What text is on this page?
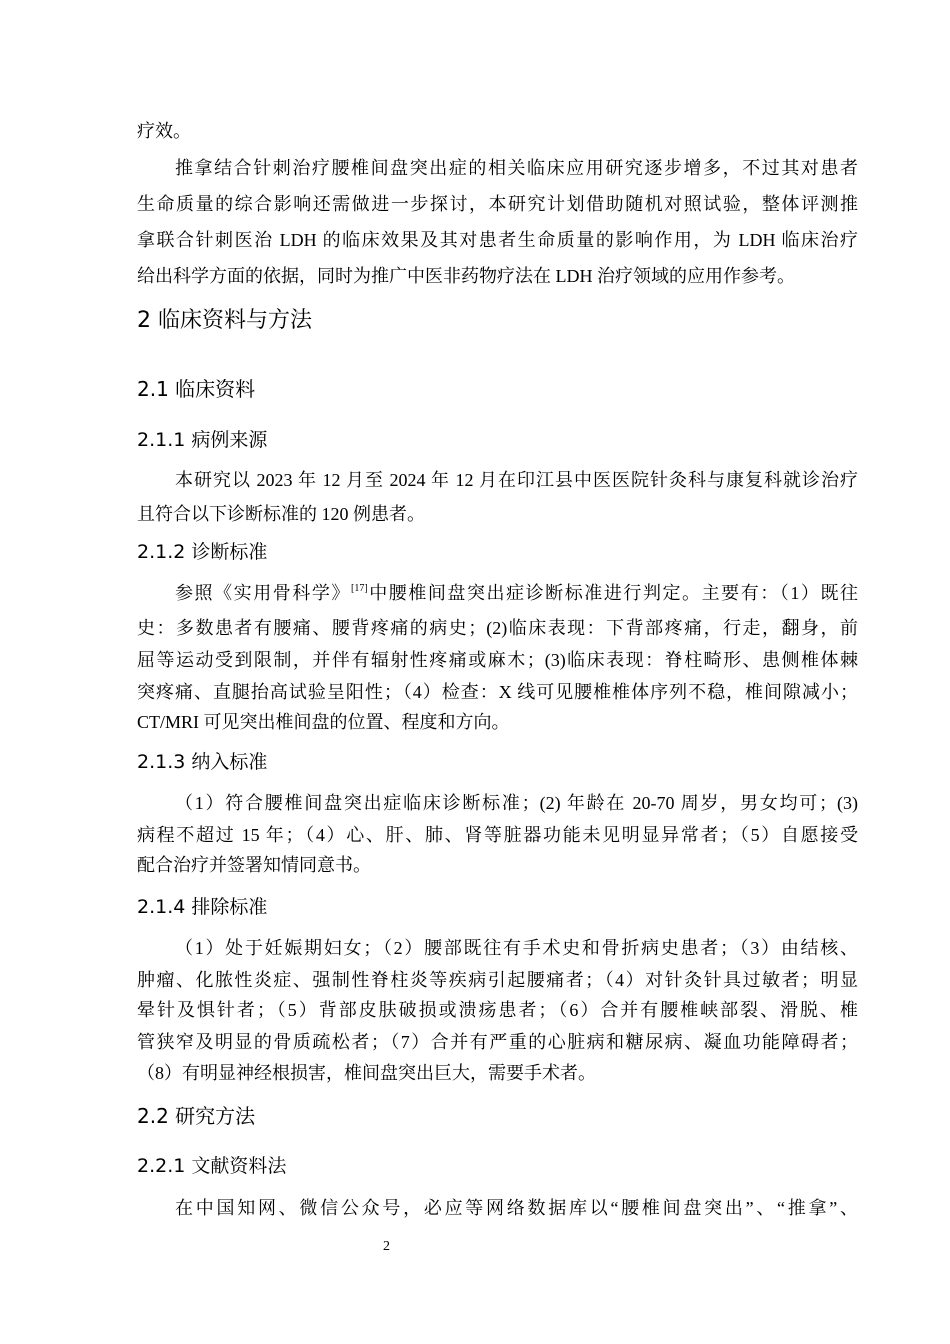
疗效。
推拿结合针刺治疗腰椎间盘突出症的相关临床应用研究逐步增多，不过其对患者
生命质量的综合影响还需做进一步探讨，本研究计划借助随机对照试验，整体评测推
拿联合针刺医治 LDH 的临床效果及其对患者生命质量的影响作用，为 LDH 临床治疗
给出科学方面的依据，同时为推广中医非药物疗法在 LDH 治疗领域的应用作参考。
2 临床资料与方法
2.1 临床资料
2.1.1 病例来源
本研究以 2023 年 12 月至 2024 年 12 月在印江县中医医院针灸科与康复科就诊治疗
且符合以下诊断标准的 120 例患者。
2.1.2 诊断标准
参照《实用骨科学》[17]中腰椎间盘突出症诊断标准进行判定。主要有：（1）既往
史：多数患者有腰痛、腰背疼痛的病史；(2)临床表现：下背部疼痛，行走，翻身，前
屈等运动受到限制，并伴有辐射性疼痛或麻木；(3)临床表现：脊柱畸形、患侧椎体棘
突疼痛、直腿抬高试验呈阳性；（4）检查：X 线可见腰椎椎体序列不稳，椎间隙减小；
CT/MRI 可见突出椎间盘的位置、程度和方向。
2.1.3 纳入标准
（1）符合腰椎间盘突出症临床诊断标准；(2) 年龄在 20-70 周岁，男女均可；(3)
病程不超过 15 年；（4）心、肝、肺、肾等脏器功能未见明显异常者；（5）自愿接受
配合治疗并签署知情同意书。
2.1.4 排除标准
（1）处于妊娠期妇女；（2）腰部既往有手术史和骨折病史患者；（3）由结核、
肿瘤、化脓性炎症、强制性脊柱炎等疾病引起腰痛者；（4）对针灸针具过敏者；明显
晕针及惧针者；（5）背部皮肤破损或溃疡患者；（6）合并有腰椎峡部裂、滑脱、椎
管狭窄及明显的骨质疏松者；（7）合并有严重的心脏病和糖尿病、凝血功能障碍者；
（8）有明显神经根损害，椎间盘突出巨大，需要手术者。
2.2 研究方法
2.2.1 文献资料法
在中国知网、微信公众号，必应等网络数据库以“腰椎间盘突出”、“推拿”、
2
